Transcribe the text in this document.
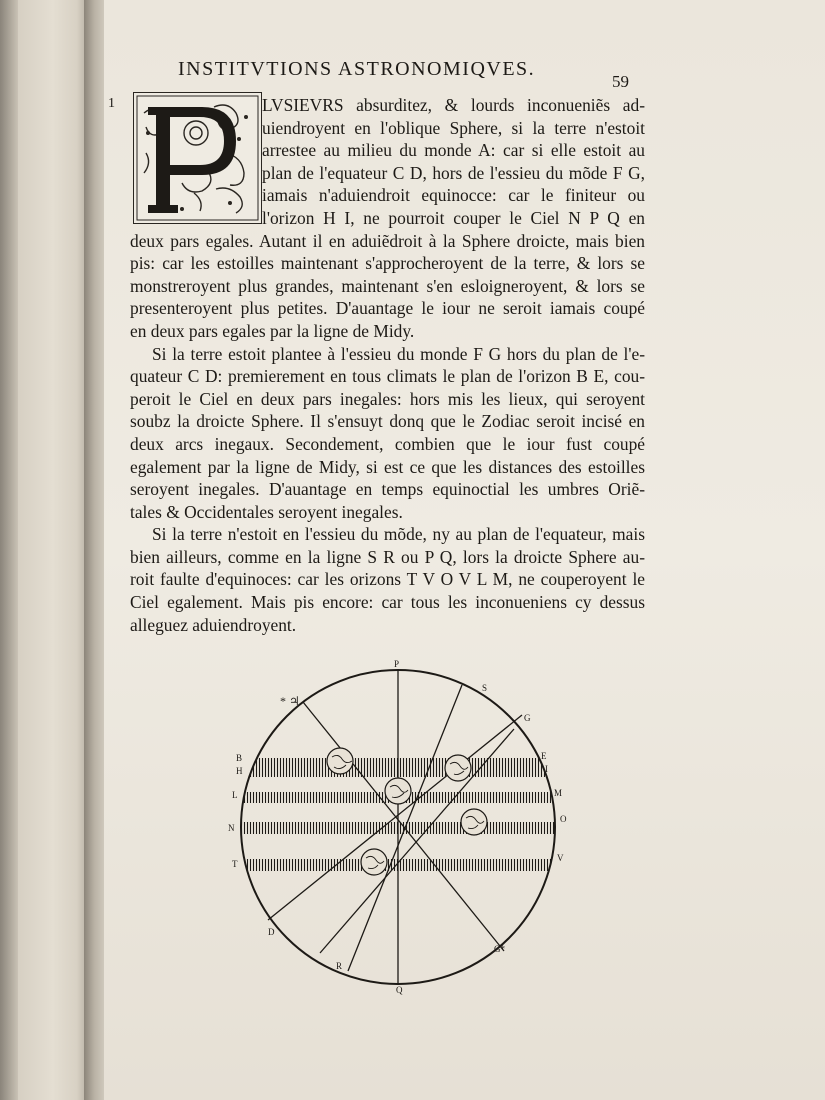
INSTITVTIONS ASTRONOMIQVES.
59
1	LVSIEVRS absurditez, & lourds inconueniẽs ad-
uiendroyent en l'oblique Sphere, si la terre n'estoit
arrestee au milieu du monde A: car si elle estoit au
plan de l'equateur C D, hors de l'essieu du mõde F G,
iamais n'aduiendroit equinocce: car le finiteur ou
l'orizon H I, ne pourroit couper le Ciel N P Q en
deux pars egales. Autant il en aduiẽdroit à la Sphere droicte, mais bien
pis: car les estoilles maintenant s'approcheroyent de la terre, & lors se
monstreroyent plus grandes, maintenant s'en esloigneroyent, & lors se
presenteroyent plus petites. D'auantage le iour ne seroit iamais coupé
en deux pars egales par la ligne de Midy.
Si la terre estoit plantee à l'essieu du monde F G hors du plan de l'e-
quateur C D: premierement en tous climats le plan de l'orizon B E, cou-
peroit le Ciel en deux pars inegales: hors mis les lieux, qui seroyent
soubz la droicte Sphere. Il s'ensuyt donq que le Zodiac seroit incisé en
deux arcs inegaux. Secondement, combien que le iour fust coupé
egalement par la ligne de Midy, si est ce que les distances des estoilles
seroyent inegales. D'auantage en temps equinoctial les umbres Oriẽ-
tales & Occidentales seroyent inegales.
Si la terre n'estoit en l'essieu du mõde, ny au plan de l'equateur, mais
bien ailleurs, comme en la ligne S R ou P Q, lors la droicte Sphere au-
roit faulte d'equinoces: car les orizons T V O V L M, ne couperoyent le
Ciel egalement. Mais pis encore: car tous les inconueniens cy dessus
alleguez aduiendroyent.
P
S
G
* ♃
B	E
H	I
L	M
N
O
T
V
D
G*
R
Q
